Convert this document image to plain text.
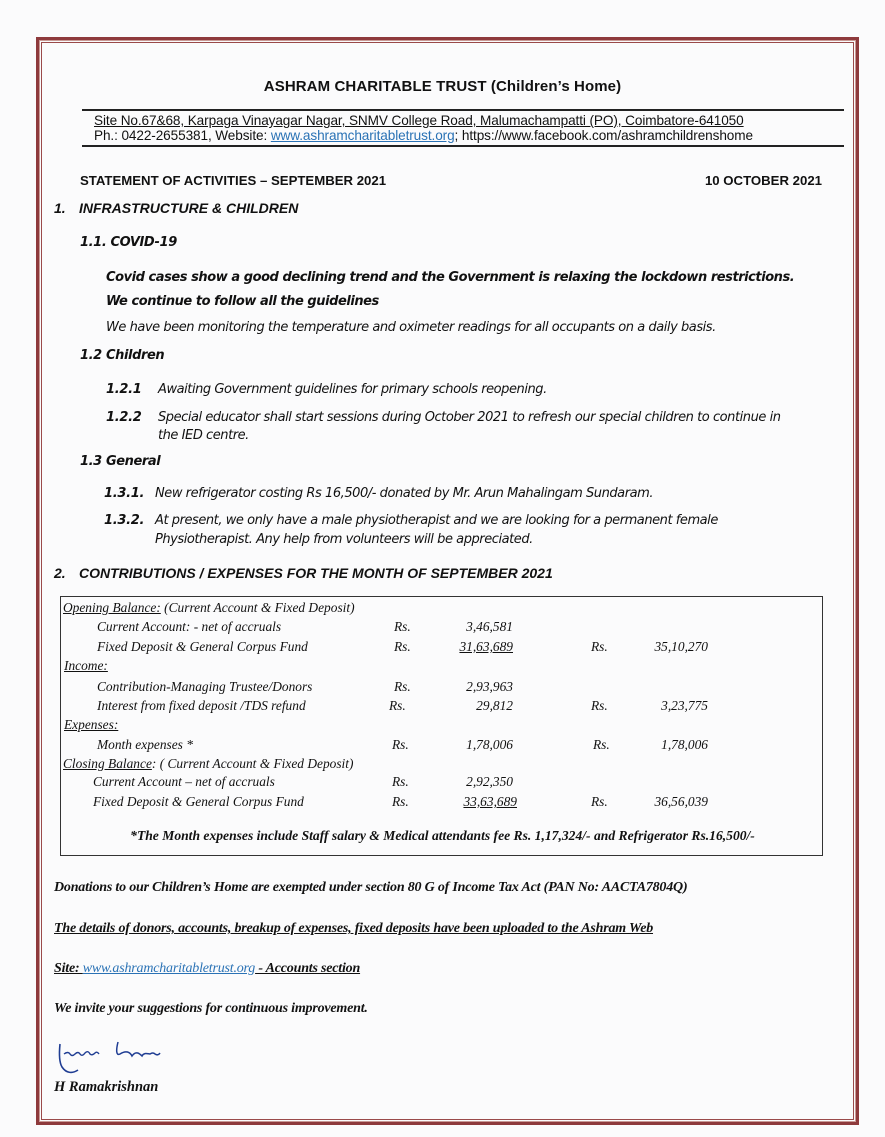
ASHRAM CHARITABLE TRUST (Children’s Home)
Site No.67&68, Karpaga Vinayagar Nagar, SNMV College Road, Malumachampatti (PO), Coimbatore-641050
Ph.: 0422-2655381, Website: www.ashramcharitabletrust.org; https://www.facebook.com/ashramchildrenshome
STATEMENT OF ACTIVITIES – SEPTEMBER 2021	10 OCTOBER 2021
1. INFRASTRUCTURE & CHILDREN
1.1. COVID-19
Covid cases show a good declining trend and the Government is relaxing the lockdown restrictions.
We continue to follow all the guidelines
We have been monitoring the temperature and oximeter readings for all occupants on a daily basis.
1.2 Children
1.2.1 Awaiting Government guidelines for primary schools reopening.
1.2.2 Special educator shall start sessions during October 2021 to refresh our special children to continue in
the IED centre.
1.3 General
1.3.1. New refrigerator costing Rs 16,500/- donated by Mr. Arun Mahalingam Sundaram.
1.3.2. At present, we only have a male physiotherapist and we are looking for a permanent female
Physiotherapist. Any help from volunteers will be appreciated.
2. CONTRIBUTIONS / EXPENSES FOR THE MONTH OF SEPTEMBER 2021
Opening Balance: (Current Account & Fixed Deposit)
Current Account: - net of accruals	Rs.	3,46,581
Fixed Deposit & General Corpus Fund	Rs.	31,63,689	Rs.	35,10,270
Income:
Contribution-Managing Trustee/Donors	Rs.	2,93,963
Interest from fixed deposit /TDS refund	Rs.	29,812	Rs.	3,23,775
Expenses:
Month expenses *	Rs.	1,78,006	Rs.	1,78,006
Closing Balance: ( Current Account & Fixed Deposit)
Current Account – net of accruals	Rs.	2,92,350
Fixed Deposit & General Corpus Fund	Rs.	33,63,689	Rs.	36,56,039
*The Month expenses include Staff salary & Medical attendants fee Rs. 1,17,324/- and Refrigerator Rs.16,500/-
Donations to our Children’s Home are exempted under section 80 G of Income Tax Act (PAN No: AACTA7804Q)
The details of donors, accounts, breakup of expenses, fixed deposits have been uploaded to the Ashram Web
Site: www.ashramcharitabletrust.org - Accounts section
We invite your suggestions for continuous improvement.
H Ramakrishnan
